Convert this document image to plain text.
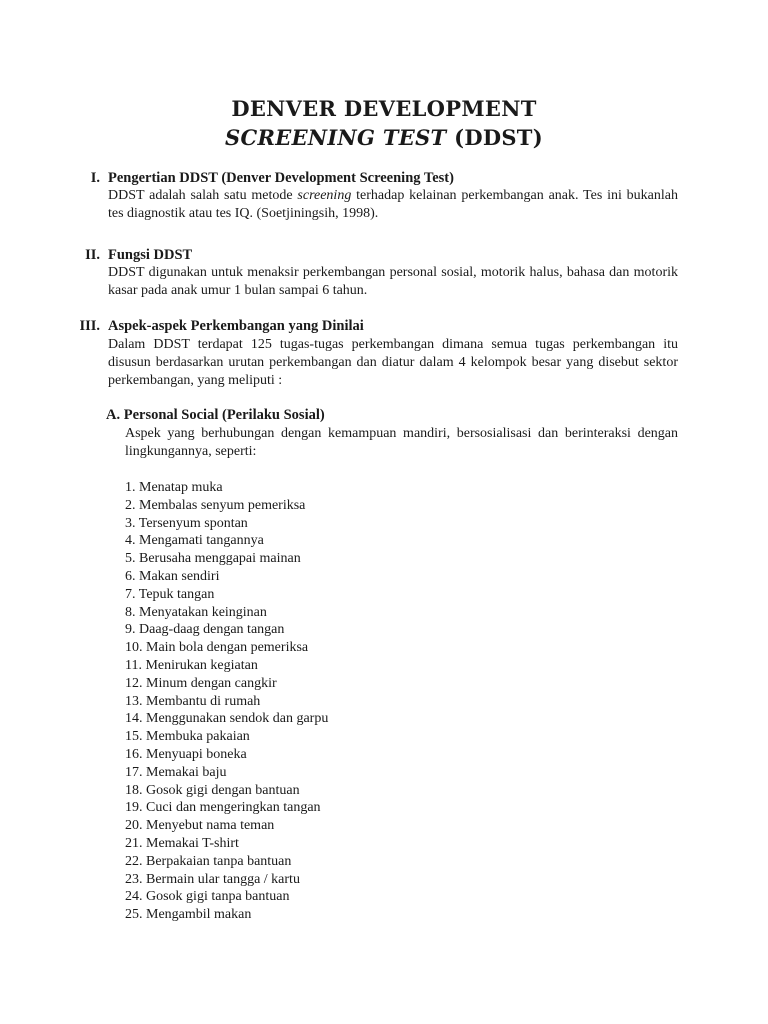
DENVER DEVELOPMENT
SCREENING TEST (DDST)
I. Pengertian DDST (Denver Development Screening Test)
DDST adalah salah satu metode screening terhadap kelainan perkembangan anak. Tes ini bukanlah tes diagnostik atau tes IQ. (Soetjiningsih, 1998).
II. Fungsi DDST
DDST digunakan untuk menaksir perkembangan personal sosial, motorik halus, bahasa dan motorik kasar pada anak umur 1 bulan sampai 6 tahun.
III. Aspek-aspek Perkembangan yang Dinilai
Dalam DDST terdapat 125 tugas-tugas perkembangan dimana semua tugas perkembangan itu disusun berdasarkan urutan perkembangan dan diatur dalam 4 kelompok besar yang disebut sektor perkembangan, yang meliputi :
A. Personal Social (Perilaku Sosial)
Aspek yang berhubungan dengan kemampuan mandiri, bersosialisasi dan berinteraksi dengan lingkungannya, seperti:
1. Menatap muka
2. Membalas senyum pemeriksa
3. Tersenyum spontan
4. Mengamati tangannya
5. Berusaha menggapai mainan
6. Makan sendiri
7. Tepuk tangan
8. Menyatakan keinginan
9. Daag-daag dengan tangan
10. Main bola dengan pemeriksa
11. Menirukan kegiatan
12. Minum dengan cangkir
13. Membantu di rumah
14. Menggunakan sendok dan garpu
15. Membuka pakaian
16. Menyuapi boneka
17. Memakai baju
18. Gosok gigi dengan bantuan
19. Cuci dan mengeringkan tangan
20. Menyebut nama teman
21. Memakai T-shirt
22. Berpakaian tanpa bantuan
23. Bermain ular tangga / kartu
24. Gosok gigi tanpa bantuan
25. Mengambil makan
